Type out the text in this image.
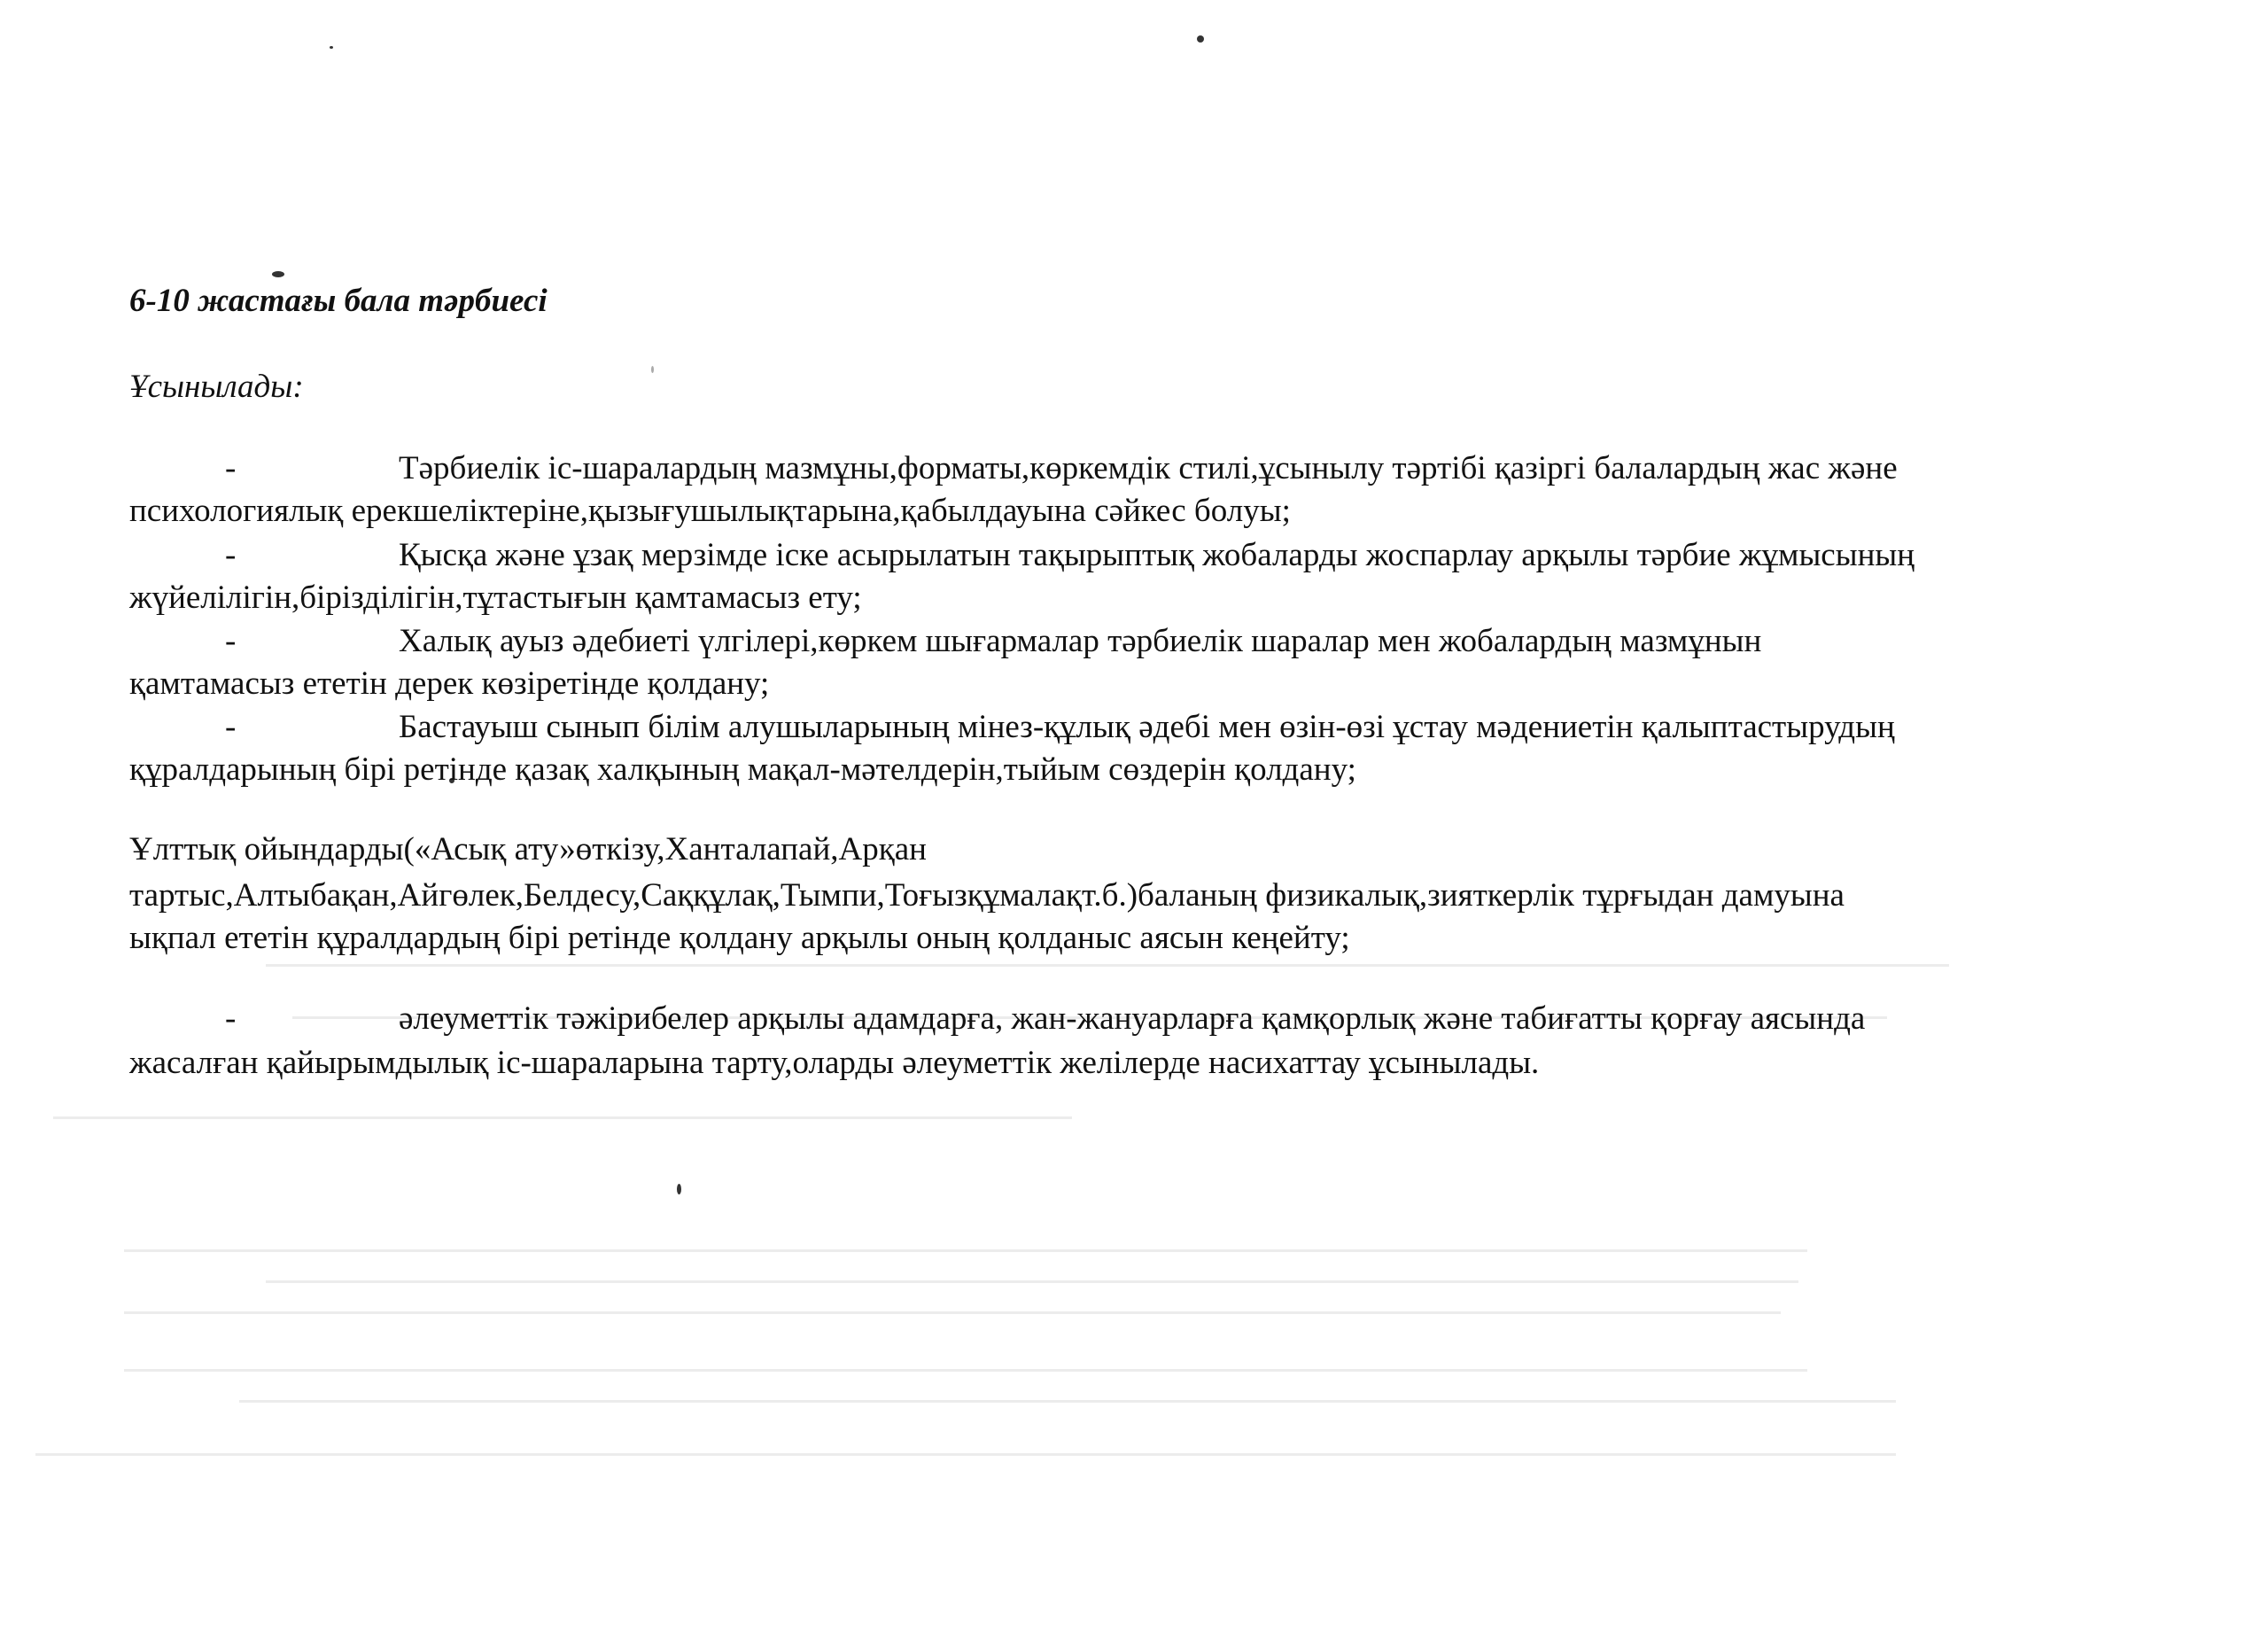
6-10 жастағы бала тәрбиесі
Ұсынылады:
-	Тәрбиелік іс-шаралардың мазмұны,форматы,көркемдік стилі,ұсынылу тәртібі қазіргі балалардың жас және
психологиялық ерекшеліктеріне,қызығушылықтарына,қабылдауына сәйкес болуы;
-	Қысқа және ұзақ мерзімде іске асырылатын тақырыптық жобаларды жоспарлау арқылы тәрбие жұмысының
жүйелілігін,біріздiлігін,тұтастығын қамтамасыз ету;
-	Халық ауыз әдебиеті үлгілері,көркем шығармалар тәрбиелік шаралар мен жобалардың мазмұнын
қамтамасыз ететін дерек көзіретінде қолдану;
-	Бастауыш сынып білім алушыларының мінез-құлық әдебі мен өзін-өзі ұстау мәдениетін қалыптастырудың
құралдарының бірі ретінде қазақ халқының мақал-мәтелдерін,тыйым сөздерін қолдану;
Ұлттық ойындарды(«Асық ату»өткізу,Ханталапай,Арқан
тартыс,Алтыбақан,Айгөлек,Белдесу,Саққұлақ,Тымпи,Тоғызқұмалақт.б.)баланың физикалық,зияткерлік тұрғыдан дамуына
ықпал ететін құралдардың бірі ретінде қолдану арқылы оның қолданыс аясын кеңейту;
-	әлеуметтік тәжірибелер арқылы адамдарға, жан-жануарларға қамқорлық және табиғатты қорғау аясында
жасалған қайырымдылық іс-шараларына тарту,оларды әлеуметтік желілерде насихаттау ұсынылады.
